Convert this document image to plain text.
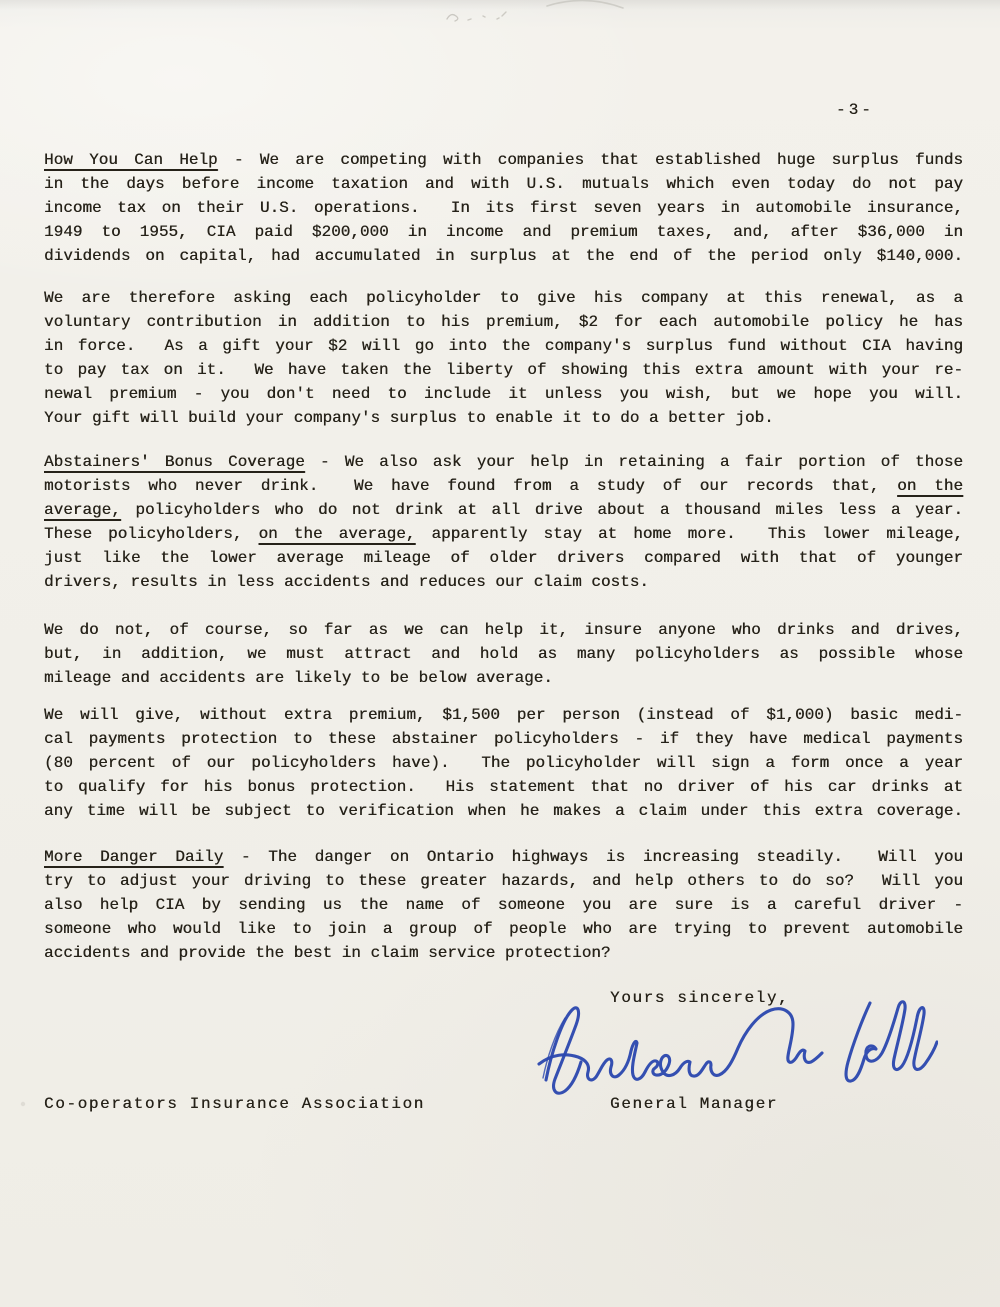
-3-
How You Can Help - We are competing with companies that established huge surplus funds
in the days before income taxation and with U.S. mutuals which even today do not pay
income tax on their U.S. operations.  In its first seven years in automobile insurance,
1949 to 1955, CIA paid $200,000 in income and premium taxes, and, after $36,000 in
dividends on capital, had accumulated in surplus at the end of the period only $140,000.
We are therefore asking each policyholder to give his company at this renewal, as a
voluntary contribution in addition to his premium, $2 for each automobile policy he has
in force.  As a gift your $2 will go into the company's surplus fund without CIA having
to pay tax on it.  We have taken the liberty of showing this extra amount with your re-
newal premium - you don't need to include it unless you wish, but we hope you will.
Your gift will build your company's surplus to enable it to do a better job.
Abstainers' Bonus Coverage - We also ask your help in retaining a fair portion of those
motorists who never drink.  We have found from a study of our records that, on the
average, policyholders who do not drink at all drive about a thousand miles less a year.
These policyholders, on the average, apparently stay at home more.  This lower mileage,
just like the lower average mileage of older drivers compared with that of younger
drivers, results in less accidents and reduces our claim costs.
We do not, of course, so far as we can help it, insure anyone who drinks and drives,
but, in addition, we must attract and hold as many policyholders as possible whose
mileage and accidents are likely to be below average.
We will give, without extra premium, $1,500 per person (instead of $1,000) basic medi-
cal payments protection to these abstainer policyholders - if they have medical payments
(80 percent of our policyholders have).  The policyholder will sign a form once a year
to qualify for his bonus protection.  His statement that no driver of his car drinks at
any time will be subject to verification when he makes a claim under this extra coverage.
More Danger Daily - The danger on Ontario highways is increasing steadily.  Will you
try to adjust your driving to these greater hazards, and help others to do so?  Will you
also help CIA by sending us the name of someone you are sure is a careful driver -
someone who would like to join a group of people who are trying to prevent automobile
accidents and provide the best in claim service protection?
Yours sincerely,
Co-operators Insurance Association	General Manager
